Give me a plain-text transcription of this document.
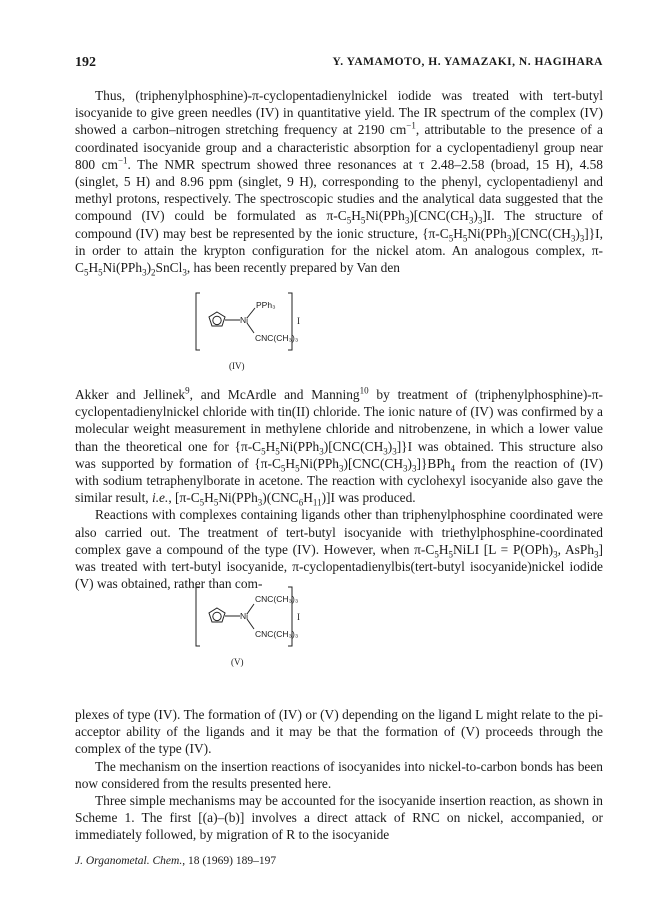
192	Y. YAMAMOTO, H. YAMAZAKI, N. HAGIHARA

Thus, (triphenylphosphine)-π-cyclopentadienylnickel iodide was treated with tert-butyl isocyanide to give green needles (IV) in quantitative yield. The IR spectrum of the complex (IV) showed a carbon–nitrogen stretching frequency at 2190 $cm^{-1}$, attributable to the presence of a coordinated isocyanide group and a characteristic absorption for a cyclopentadienyl group near 800 $cm^{-1}$. The NMR spectrum showed three resonances at τ 2.48–2.58 (broad, 15 H), 4.58 (singlet, 5 H) and 8.96 ppm (singlet, 9 H), corresponding to the phenyl, cyclopentadienyl and methyl protons, respectively. The spectroscopic studies and the analytical data suggested that the compound (IV) could be formulated as $\pi-C_5H_5Ni(PPh_3)[CNC(CH_3)_3]I$. The structure of compound (IV) may best be represented by the ionic structure, $\{\pi-C_5H_5Ni(PPh_3)[CNC(CH_3)_3]\}I$, in order to attain the krypton configuration for the nickel atom. An analogous complex, $\pi-C_5H_5Ni(PPh_3)_2SnCl_3$, has been recently prepared by Van den

PPh₃
Ni
CNC(CH₃)₃
I
(IV)

Akker and Jellinek$^9$, and McArdle and Manning$^{10}$ by treatment of (triphenylphosphine)-π-cyclopentadienylnickel chloride with tin(II) chloride. The ionic nature of (IV) was confirmed by a molecular weight measurement in methylene chloride and nitrobenzene, in which a lower value than the theoretical one for $\{\pi-C_5H_5Ni(PPh_3)[CNC(CH_3)_3]\}I$ was obtained. This structure also was supported by formation of $\{\pi-C_5H_5Ni(PPh_3)[CNC(CH_3)_3]\}BPh_4$ from the reaction of (IV) with sodium tetraphenylborate in acetone. The reaction with cyclohexyl isocyanide also gave the similar result, i.e., $[\pi-C_5H_5Ni(PPh_3)(CNC_6H_{11})]I$ was produced.

Reactions with complexes containing ligands other than triphenylphosphine coordinated were also carried out. The treatment of tert-butyl isocyanide with triethylphosphine-coordinated complex gave a compound of the type (IV). However, when $\pi-C_5H_5NiLI$ [$L = P(OPh)_3$, AsPh$_3$] was treated with tert-butyl isocyanide, π-cyclopentadienylbis(tert-butyl isocyanide)nickel iodide (V) was obtained, rather than com-

CNC(CH₃)₃
Ni
CNC(CH₃)₃
I
(V)

plexes of type (IV). The formation of (IV) or (V) depending on the ligand L might relate to the pi-acceptor ability of the ligands and it may be that the formation of (V) proceeds through the complex of the type (IV).

The mechanism on the insertion reactions of isocyanides into nickel-to-carbon bonds has been now considered from the results presented here.

Three simple mechanisms may be accounted for the isocyanide insertion reaction, as shown in Scheme 1. The first [(a)–(b)] involves a direct attack of RNC on nickel, accompanied, or immediately followed, by migration of R to the isocyanide

J. Organometal. Chem., 18 (1969) 189–197
